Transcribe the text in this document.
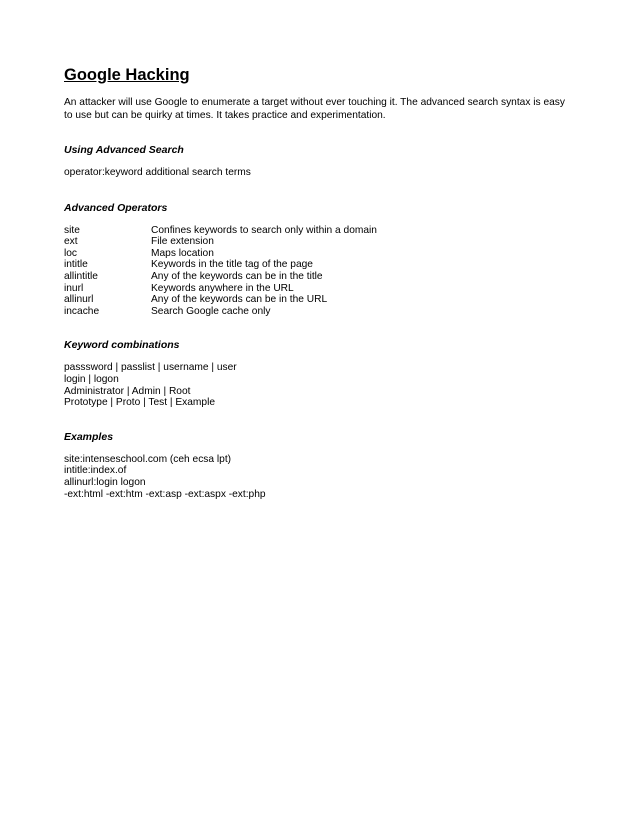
Google Hacking

An attacker will use Google to enumerate a target without ever touching it. The advanced search syntax is easy
to use but can be quirky at times. It takes practice and experimentation.

Using Advanced Search

operator:keyword additional search terms

Advanced Operators
site	Confines keywords to search only within a domain
ext	File extension
loc	Maps location
intitle	Keywords in the title tag of the page
allintitle	Any of the keywords can be in the title
inurl	Keywords anywhere in the URL
allinurl	Any of the keywords can be in the URL
incache	Search Google cache only
Keyword combinations
passsword | passlist | username | user
login | logon
Administrator | Admin | Root
Prototype | Proto | Test | Example
Examples
site:intenseschool.com (ceh ecsa lpt)
intitle:index.of
allinurl:login logon
-ext:html -ext:htm -ext:asp -ext:aspx -ext:php
